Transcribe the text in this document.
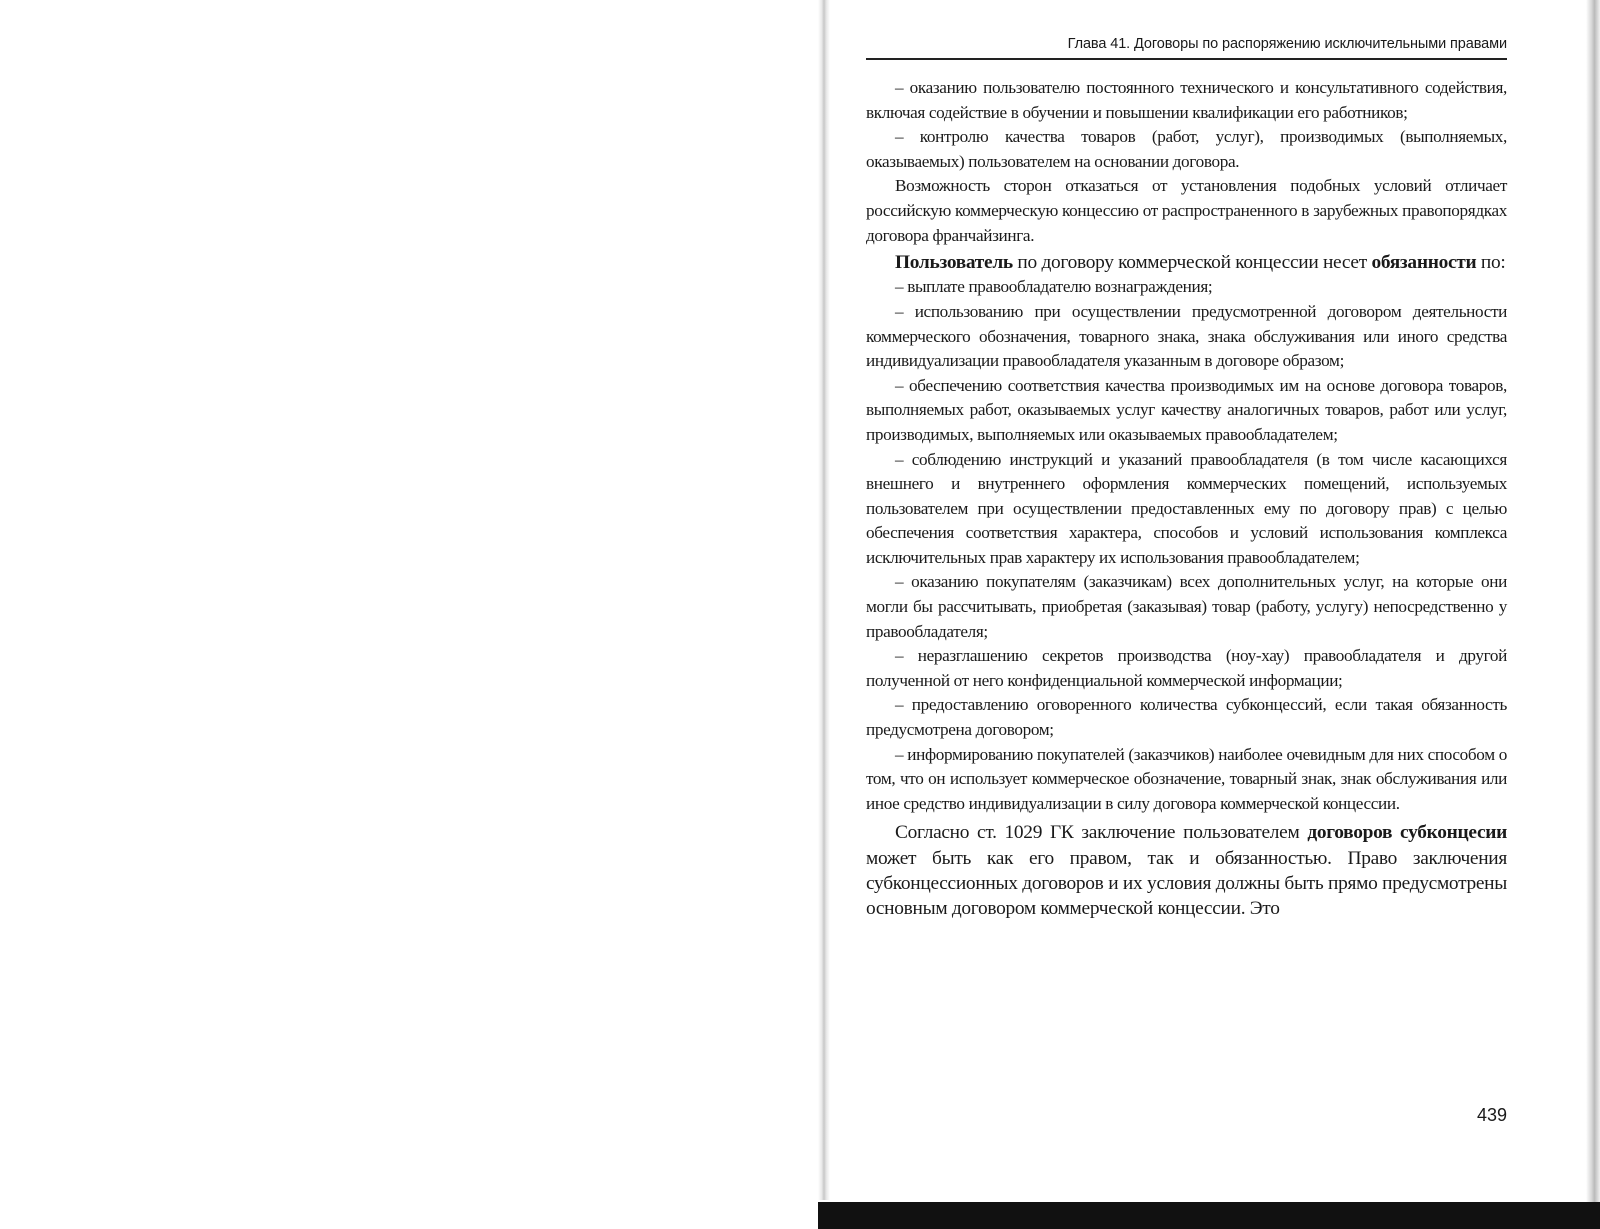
Глава 41. Договоры по распоряжению исключительными правами

– оказанию пользователю постоянного технического и консультативного содействия, включая содействие в обучении и повышении квалификации его работников;

– контролю качества товаров (работ, услуг), производимых (выполняемых, оказываемых) пользователем на основании договора.

Возможность сторон отказаться от установления подобных условий отличает российскую коммерческую концессию от распространенного в зарубежных правопорядках договора франчайзинга.

Пользователь по договору коммерческой концессии несет обязанности по:

– выплате правообладателю вознаграждения;

– использованию при осуществлении предусмотренной договором деятельности коммерческого обозначения, товарного знака, знака обслуживания или иного средства индивидуализации правообладателя указанным в договоре образом;

– обеспечению соответствия качества производимых им на основе договора товаров, выполняемых работ, оказываемых услуг качеству аналогичных товаров, работ или услуг, производимых, выполняемых или оказываемых правообладателем;

– соблюдению инструкций и указаний правообладателя (в том числе касающихся внешнего и внутреннего оформления коммерческих помещений, используемых пользователем при осуществлении предоставленных ему по договору прав) с целью обеспечения соответствия характера, способов и условий использования комплекса исключительных прав характеру их использования правообладателем;

– оказанию покупателям (заказчикам) всех дополнительных услуг, на которые они могли бы рассчитывать, приобретая (заказывая) товар (работу, услугу) непосредственно у правообладателя;

– неразглашению секретов производства (ноу-хау) правообладателя и другой полученной от него конфиденциальной коммерческой информации;

– предоставлению оговоренного количества субконцессий, если такая обязанность предусмотрена договором;

– информированию покупателей (заказчиков) наиболее очевидным для них способом о том, что он использует коммерческое обозначение, товарный знак, знак обслуживания или иное средство индивидуализации в силу договора коммерческой концессии.

Согласно ст. 1029 ГК заключение пользователем договоров субконцесии может быть как его правом, так и обязанностью. Право заключения субконцессионных договоров и их условия должны быть прямо предусмотрены основным договором коммерческой концессии. Это

439
